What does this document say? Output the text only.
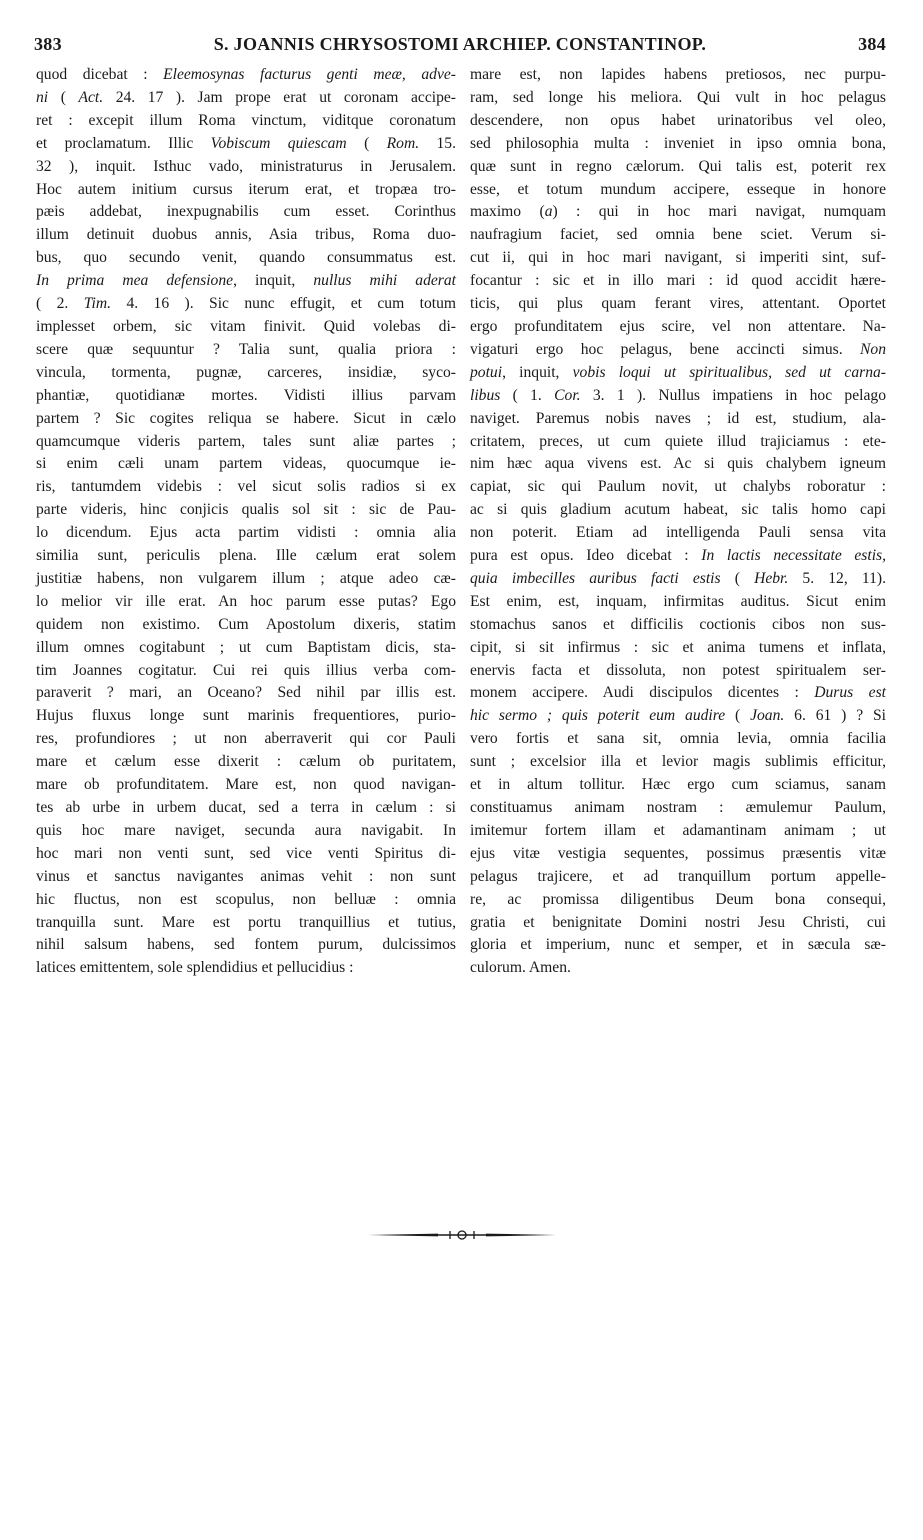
383	S. JOANNIS CHRYSOSTOMI ARCHIEP. CONSTANTINOP.	384
quod dicebat : Eleemosynas facturus genti meæ, adve-
ni ( Act. 24. 17 ). Jam prope erat ut coronam accipe-
ret : excepit illum Roma vinctum, viditque coronatum
et proclamatum. Illic Vobiscum quiescam ( Rom. 15.
32 ), inquit. Isthuc vado, ministraturus in Jerusalem.
Hoc autem initium cursus iterum erat, et tropæa tro-
pæis addebat, inexpugnabilis cum esset. Corinthus
illum detinuit duobus annis, Asia tribus, Roma duo-
bus, quo secundo venit, quando consummatus est.
In prima mea defensione, inquit, nullus mihi aderat
( 2. Tim. 4. 16 ). Sic nunc effugit, et cum totum
implesset orbem, sic vitam finivit. Quid volebas di-
scere quæ sequuntur ? Talia sunt, qualia priora :
vincula, tormenta, pugnæ, carceres, insidiæ, syco-
phantiæ, quotidianæ mortes. Vidisti illius parvam
partem ? Sic cogites reliqua se habere. Sicut in cælo
quamcumque videris partem, tales sunt aliæ partes ;
si enim cæli unam partem videas, quocumque ie-
ris, tantumdem videbis : vel sicut solis radios si ex
parte videris, hinc conjicis qualis sol sit : sic de Pau-
lo dicendum. Ejus acta partim vidisti : omnia alia
similia sunt, periculis plena. Ille cælum erat solem
justitiæ habens, non vulgarem illum ; atque adeo cæ-
lo melior vir ille erat. An hoc parum esse putas? Ego
quidem non existimo. Cum Apostolum dixeris, statim
illum omnes cogitabunt ; ut cum Baptistam dicis, sta-
tim Joannes cogitatur. Cui rei quis illius verba com-
paraverit ? mari, an Oceano? Sed nihil par illis est.
Hujus fluxus longe sunt marinis frequentiores, purio-
res, profundiores ; ut non aberraverit qui cor Pauli
mare et cælum esse dixerit : cælum ob puritatem,
mare ob profunditatem. Mare est, non quod navigan-
tes ab urbe in urbem ducat, sed a terra in cælum : si
quis hoc mare naviget, secunda aura navigabit. In
hoc mari non venti sunt, sed vice venti Spiritus di-
vinus et sanctus navigantes animas vehit : non sunt
hic fluctus, non est scopulus, non belluæ : omnia
tranquilla sunt. Mare est portu tranquillius et tutius,
nihil salsum habens, sed fontem purum, dulcissimos
latices emittentem, sole splendidius et pellucidius :
mare est, non lapides habens pretiosos, nec purpu-
ram, sed longe his meliora. Qui vult in hoc pelagus
descendere, non opus habet urinatoribus vel oleo,
sed philosophia multa : inveniet in ipso omnia bona,
quæ sunt in regno cælorum. Qui talis est, poterit rex
esse, et totum mundum accipere, esseque in honore
maximo (a) : qui in hoc mari navigat, numquam
naufragium faciet, sed omnia bene sciet. Verum si-
cut ii, qui in hoc mari navigant, si imperiti sint, suf-
focantur : sic et in illo mari : id quod accidit hære-
ticis, qui plus quam ferant vires, attentant. Oportet
ergo profunditatem ejus scire, vel non attentare. Na-
vigaturi ergo hoc pelagus, bene accincti simus. Non
potui, inquit, vobis loqui ut spiritualibus, sed ut carna-
libus ( 1. Cor. 3. 1 ). Nullus impatiens in hoc pelago
naviget. Paremus nobis naves ; id est, studium, ala-
critatem, preces, ut cum quiete illud trajiciamus : ete-
nim hæc aqua vivens est. Ac si quis chalybem igneum
capiat, sic qui Paulum novit, ut chalybs roboratur :
ac si quis gladium acutum habeat, sic talis homo capi
non poterit. Etiam ad intelligenda Pauli sensa vita
pura est opus. Ideo dicebat : In lactis necessitate estis,
quia imbecilles auribus facti estis ( Hebr. 5. 12, 11).
Est enim, est, inquam, infirmitas auditus. Sicut enim
stomachus sanos et difficilis coctionis cibos non sus-
cipit, si sit infirmus : sic et anima tumens et inflata,
enervis facta et dissoluta, non potest spiritualem ser-
monem accipere. Audi discipulos dicentes : Durus est
hic sermo ; quis poterit eum audire ( Joan. 6. 61 ) ? Si
vero fortis et sana sit, omnia levia, omnia facilia
sunt ; excelsior illa et levior magis sublimis efficitur,
et in altum tollitur. Hæc ergo cum sciamus, sanam
constituamus animam nostram : æmulemur Paulum,
imitemur fortem illam et adamantinam animam ; ut
ejus vitæ vestigia sequentes, possimus præsentis vitæ
pelagus trajicere, et ad tranquillum portum appelle-
re, ac promissa diligentibus Deum bona consequi,
gratia et benignitate Domini nostri Jesu Christi, cui
gloria et imperium, nunc et semper, et in sæcula sæ-
culorum. Amen.
